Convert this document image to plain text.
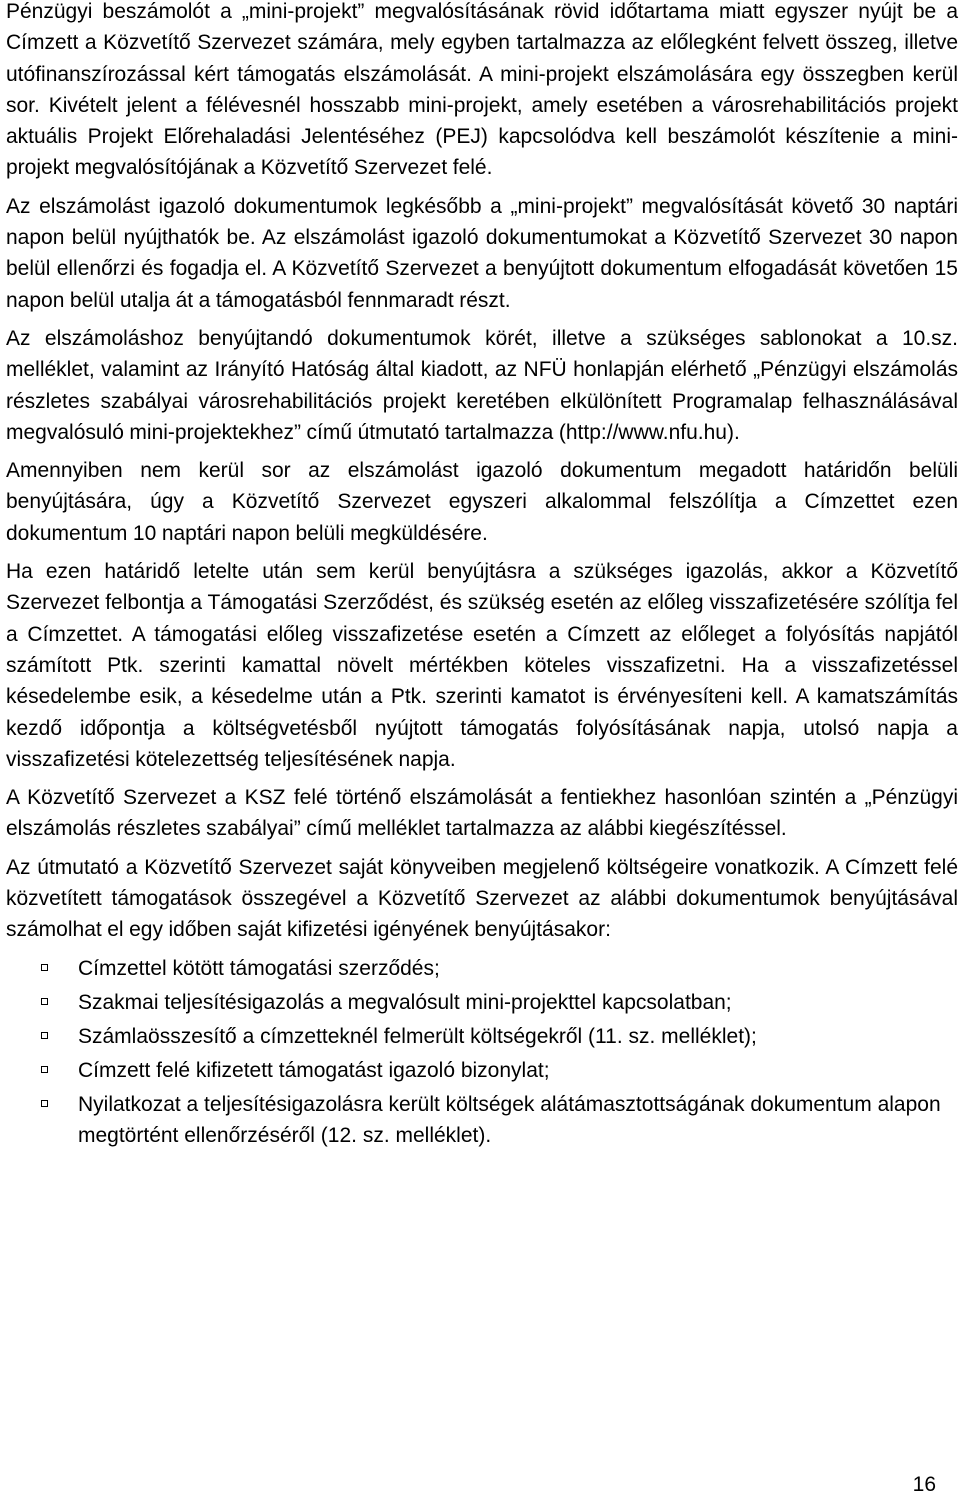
Pénzügyi beszámolót a „mini-projekt” megvalósításának rövid időtartama miatt egyszer nyújt be a Címzett a Közvetítő Szervezet számára, mely egyben tartalmazza az előlegként felvett összeg, illetve utófinanszírozással kért támogatás elszámolását. A mini-projekt elszámolására egy összegben kerül sor. Kivételt jelent a félévesnél hosszabb mini-projekt, amely esetében a városrehabilitációs projekt aktuális Projekt Előrehaladási Jelentéséhez (PEJ) kapcsolódva kell beszámolót készítenie a mini-projekt megvalósítójának a Közvetítő Szervezet felé.

Az elszámolást igazoló dokumentumok legkésőbb a „mini-projekt” megvalósítását követő 30 naptári napon belül nyújthatók be. Az elszámolást igazoló dokumentumokat a Közvetítő Szervezet 30 napon belül ellenőrzi és fogadja el. A Közvetítő Szervezet a benyújtott dokumentum elfogadását követően 15 napon belül utalja át a támogatásból fennmaradt részt.

Az elszámoláshoz benyújtandó dokumentumok körét, illetve a szükséges sablonokat a 10.sz. melléklet, valamint az Irányító Hatóság által kiadott, az NFÜ honlapján elérhető „Pénzügyi elszámolás részletes szabályai városrehabilitációs projekt keretében elkülönített Programalap felhasználásával megvalósuló mini-projektekhez” című útmutató tartalmazza (http://www.nfu.hu).

Amennyiben nem kerül sor az elszámolást igazoló dokumentum megadott határidőn belüli benyújtására, úgy a Közvetítő Szervezet egyszeri alkalommal felszólítja a Címzettet ezen dokumentum 10 naptári napon belüli megküldésére.

Ha ezen határidő letelte után sem kerül benyújtásra a szükséges igazolás, akkor a Közvetítő Szervezet felbontja a Támogatási Szerződést, és szükség esetén az előleg visszafizetésére szólítja fel a Címzettet. A támogatási előleg visszafizetése esetén a Címzett az előleget a folyósítás napjától számított Ptk. szerinti kamattal növelt mértékben köteles visszafizetni. Ha a visszafizetéssel késedelembe esik, a késedelme után a Ptk. szerinti kamatot is érvényesíteni kell. A kamatszámítás kezdő időpontja a költségvetésből nyújtott támogatás folyósításának napja, utolsó napja a visszafizetési kötelezettség teljesítésének napja.

A Közvetítő Szervezet a KSZ felé történő elszámolását a fentiekhez hasonlóan szintén a „Pénzügyi elszámolás részletes szabályai” című melléklet tartalmazza az alábbi kiegészítéssel.

Az útmutató a Közvetítő Szervezet saját könyveiben megjelenő költségeire vonatkozik. A Címzett felé közvetített támogatások összegével a Közvetítő Szervezet az alábbi dokumentumok benyújtásával számolhat el egy időben saját kifizetési igényének benyújtásakor:

Címzettel kötött támogatási szerződés;
Szakmai teljesítésigazolás a megvalósult mini-projekttel kapcsolatban;
Számlaösszesítő a címzetteknél felmerült költségekről (11. sz. melléklet);
Címzett felé kifizetett támogatást igazoló bizonylat;
Nyilatkozat a teljesítésigazolásra került költségek alátámasztottságának dokumentum alapon megtörtént ellenőrzéséről (12. sz. melléklet).
16
